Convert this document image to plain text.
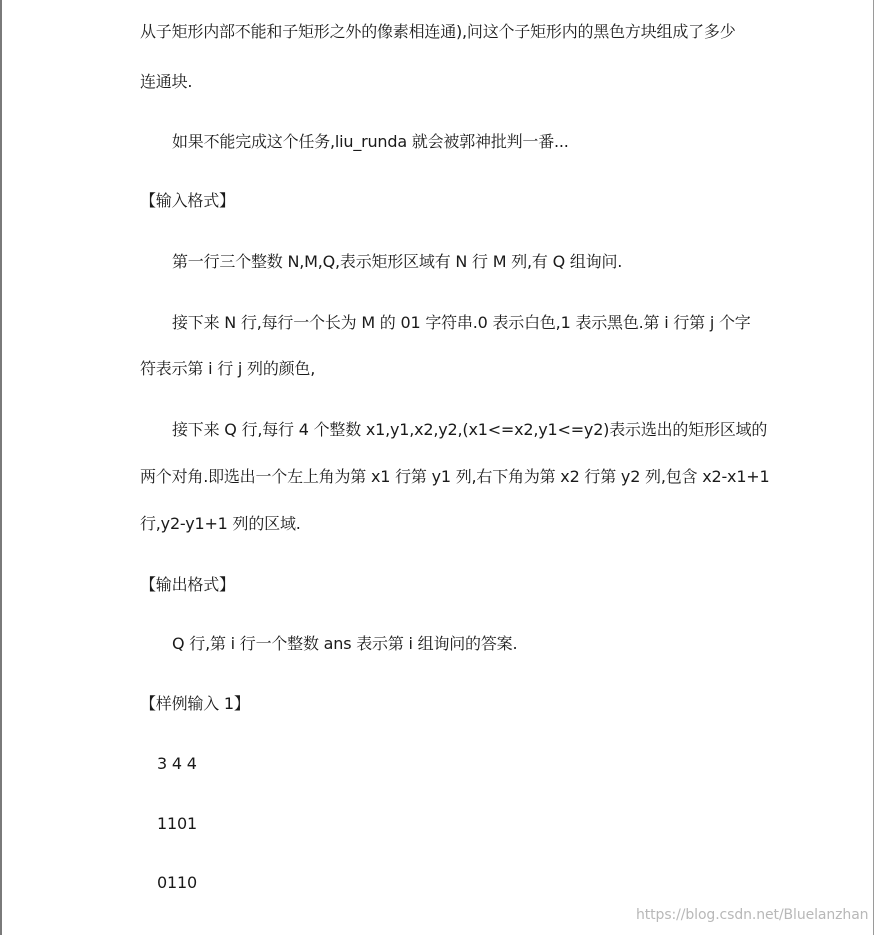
从子矩形内部不能和子矩形之外的像素相连通),问这个子矩形内的黑色方块组成了多少
连通块.
如果不能完成这个任务,liu_runda 就会被郭神批判一番...
【输入格式】
第一行三个整数 N,M,Q,表示矩形区域有 N 行 M 列,有 Q 组询问.
接下来 N 行,每行一个长为 M 的 01 字符串.0 表示白色,1 表示黑色.第 i 行第 j 个字
符表示第 i 行 j 列的颜色,
接下来 Q 行,每行 4 个整数 x1,y1,x2,y2,(x1<=x2,y1<=y2)表示选出的矩形区域的
两个对角.即选出一个左上角为第 x1 行第 y1 列,右下角为第 x2 行第 y2 列,包含 x2-x1+1
行,y2-y1+1 列的区域.
【输出格式】
Q 行,第 i 行一个整数 ans 表示第 i 组询问的答案.
【样例输入 1】
3 4 4
1101
0110
https://blog.csdn.net/Bluelanzhan
